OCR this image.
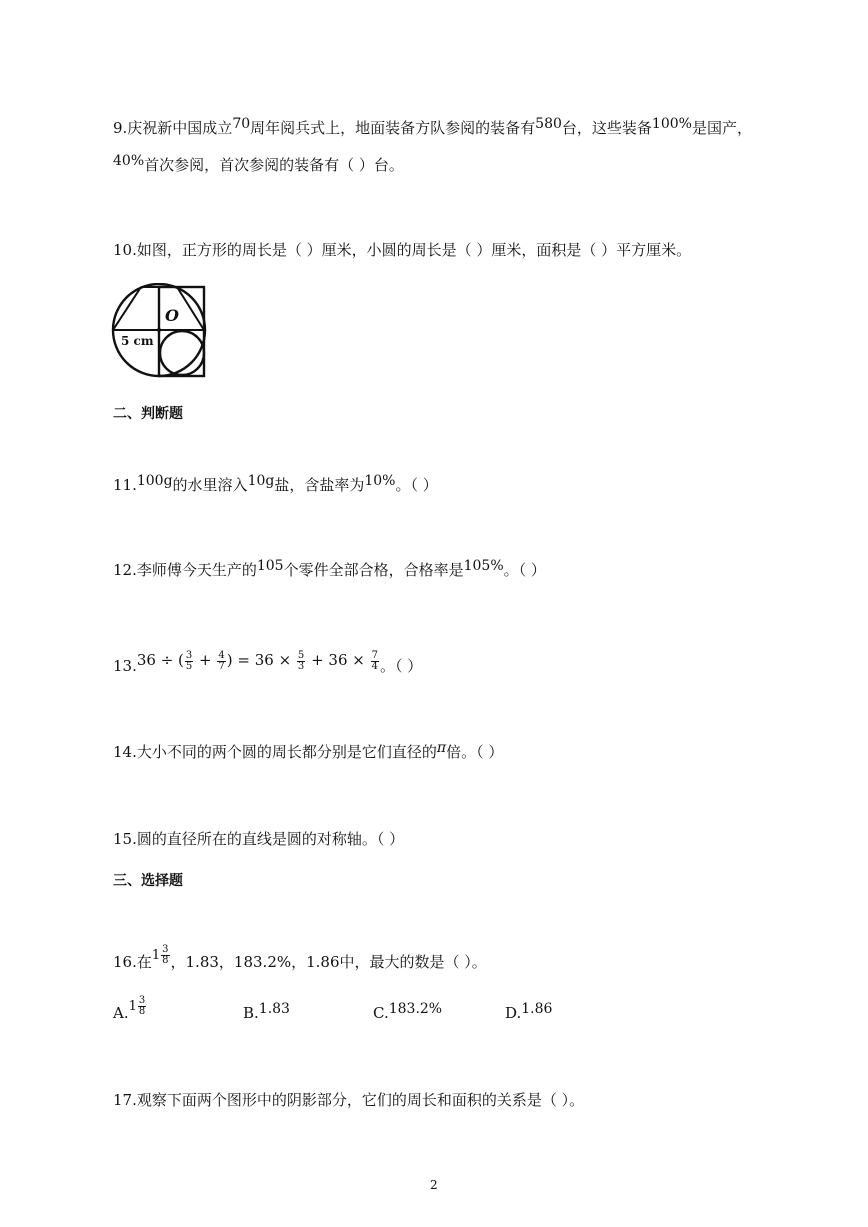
9.庆祝新中国成立70周年阅兵式上，地面装备方队参阅的装备有580台，这些装备100%是国产，
40%首次参阅，首次参阅的装备有（ ）台。
10.如图，正方形的周长是（ ）厘米，小圆的周长是（ ）厘米，面积是（ ）平方厘米。
O
5 cm
二、判断题
11.100g的水里溶入10g盐，含盐率为10%。（ ）
12.李师傅今天生产的105个零件全部合格，合格率是105%。（ ）
13.36 ÷ ( $\frac{3}{5} + \frac{4}{7}$ ) = $36 \times \frac{5}{3} + 36 \times \frac{7}{4}$ 。（ ）
14.大小不同的两个圆的周长都分别是它们直径的π倍。（ ）
15.圆的直径所在的直线是圆的对称轴。（ ）
三、选择题
16.在$1 \frac{3}{8}$ ，1.83，183.2%，1.86中，最大的数是（ ）。
$A.1 \frac{3}{8}$	B.1.83	C.183.2%	D.1.86
17.观察下面两个图形中的阴影部分，它们的周长和面积的关系是（ ）。
2
